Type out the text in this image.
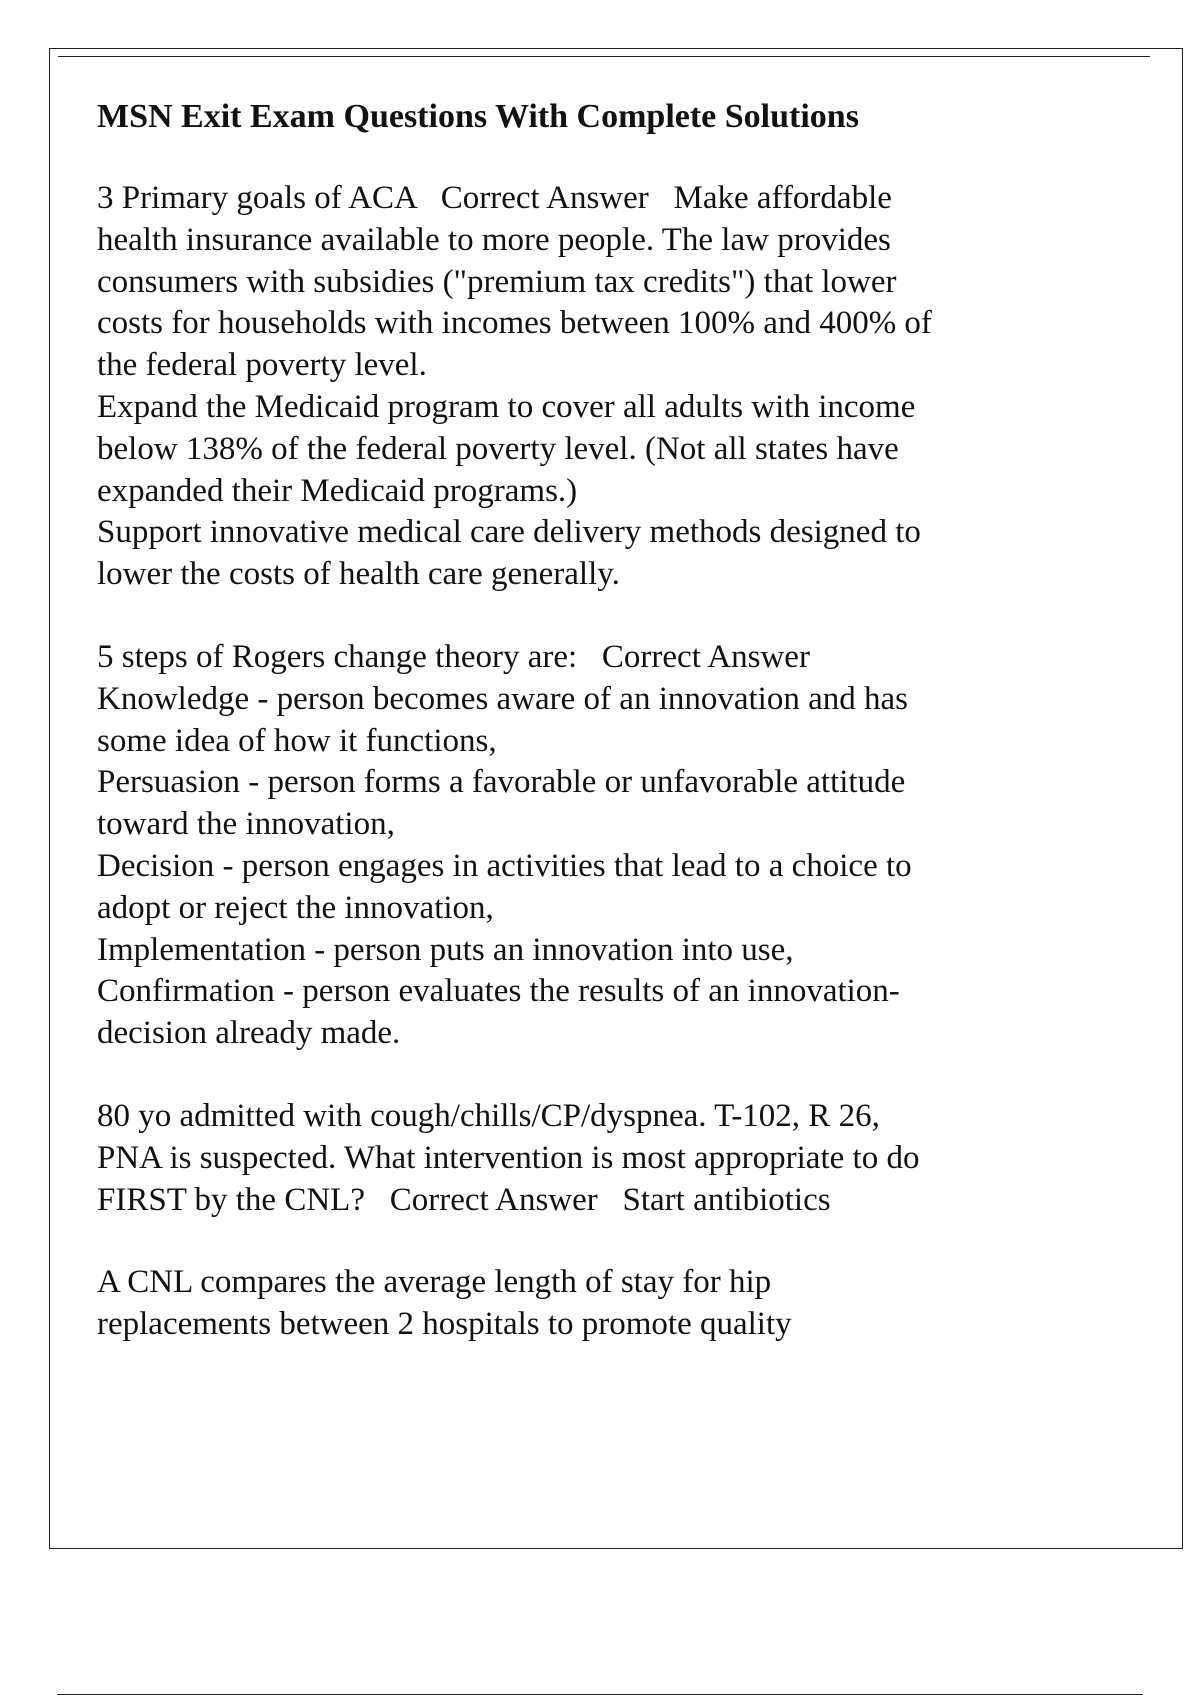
MSN Exit Exam Questions With Complete Solutions
3 Primary goals of ACA   Correct Answer   Make affordable
health insurance available to more people. The law provides
consumers with subsidies ("premium tax credits") that lower
costs for households with incomes between 100% and 400% of
the federal poverty level.
Expand the Medicaid program to cover all adults with income
below 138% of the federal poverty level. (Not all states have
expanded their Medicaid programs.)
Support innovative medical care delivery methods designed to
lower the costs of health care generally.
5 steps of Rogers change theory are:   Correct Answer
Knowledge - person becomes aware of an innovation and has
some idea of how it functions,
Persuasion - person forms a favorable or unfavorable attitude
toward the innovation,
Decision - person engages in activities that lead to a choice to
adopt or reject the innovation,
Implementation - person puts an innovation into use,
Confirmation - person evaluates the results of an innovation-
decision already made.
80 yo admitted with cough/chills/CP/dyspnea. T-102, R 26,
PNA is suspected. What intervention is most appropriate to do
FIRST by the CNL?   Correct Answer   Start antibiotics
A CNL compares the average length of stay for hip
replacements between 2 hospitals to promote quality
